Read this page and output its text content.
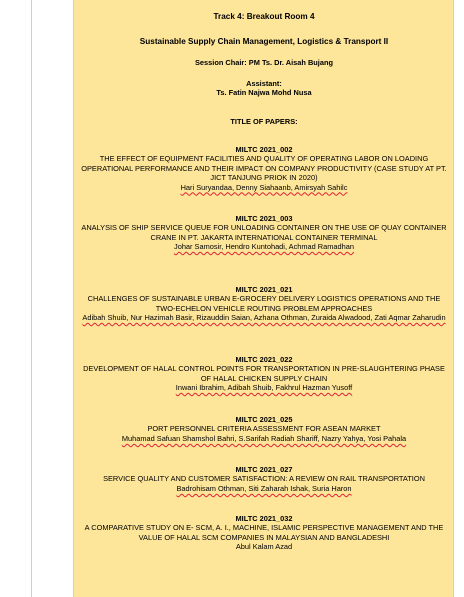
Track 4: Breakout Room 4

Sustainable Supply Chain Management, Logistics & Transport II

Session Chair: PM Ts. Dr. Aisah Bujang

Assistant:

Ts. Fatin Najwa Mohd Nusa

TITLE OF PAPERS:

MILTC 2021_002

THE EFFECT OF EQUIPMENT FACILITIES AND QUALITY OF OPERATING LABOR ON LOADING OPERATIONAL PERFORMANCE AND THEIR IMPACT ON COMPANY PRODUCTIVITY (CASE STUDY AT PT. JICT TANJUNG PRIOK IN 2020)

Hari Suryandaa, Denny Siahaanb, Amirsyah Sahilc

MILTC 2021_003

ANALYSIS OF SHIP SERVICE QUEUE FOR UNLOADING CONTAINER ON THE USE OF QUAY CONTAINER CRANE IN PT. JAKARTA INTERNATIONAL CONTAINER TERMINAL

Johar Samosir, Hendro Kuntohadi, Achmad Ramadhan

MILTC 2021_021

CHALLENGES OF SUSTAINABLE URBAN E-GROCERY DELIVERY LOGISTICS OPERATIONS AND THE TWO-ECHELON VEHICLE ROUTING PROBLEM APPROACHES

Adibah Shuib, Nur Hazimah Basir, Rizauddin Saian, Azhana Othman, Zuraida Alwadood, Zati Aqmar Zaharudin

MILTC 2021_022

DEVELOPMENT OF HALAL CONTROL POINTS FOR TRANSPORTATION IN PRE-SLAUGHTERING PHASE OF HALAL CHICKEN SUPPLY CHAIN

Inwani Ibrahim, Adibah Shuib, Fakhrul Hazman Yusoff

MILTC 2021_025

PORT PERSONNEL CRITERIA ASSESSMENT FOR ASEAN MARKET

Muhamad Safuan Shamshol Bahri, S.Sarifah Radiah Shariff, Nazry Yahya, Yosi Pahala

MILTC 2021_027

SERVICE QUALITY AND CUSTOMER SATISFACTION: A REVIEW ON RAIL TRANSPORTATION

Badrohisam Othman, Siti Zaharah Ishak, Suria Haron

MILTC 2021_032

A COMPARATIVE STUDY ON E- SCM, A. I., MACHINE, ISLAMIC PERSPECTIVE MANAGEMENT AND THE VALUE OF HALAL SCM COMPANIES IN MALAYSIAN AND BANGLADESHI

Abul Kalam Azad
